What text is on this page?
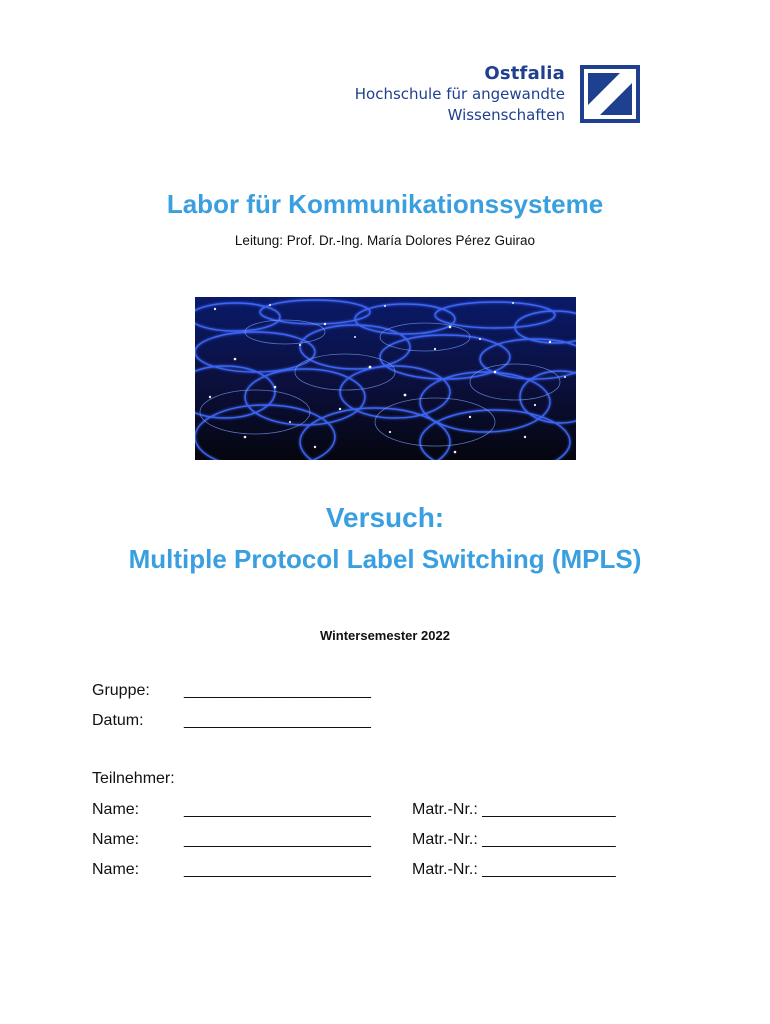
Ostfalia
Hochschule für angewandte
Wissenschaften
Labor für Kommunikationssysteme
Leitung: Prof. Dr.-Ing. María Dolores Pérez Guirao
Versuch:
Multiple Protocol Label Switching (MPLS)
Wintersemester 2022
Gruppe: _____________________
Datum:	_____________________
Teilnehmer:
Name:	_____________________	Matr.-Nr.: _______________
Name:	_____________________	Matr.-Nr.: _______________
Name:	_____________________	Matr.-Nr.: _______________
